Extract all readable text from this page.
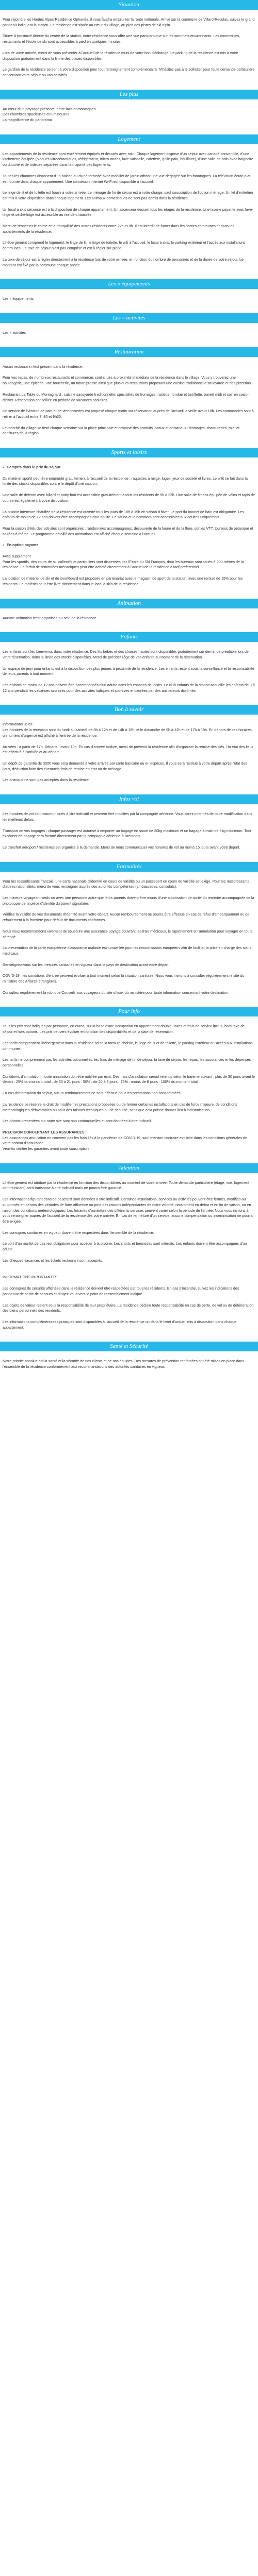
Situation

Pour rejoindre les Hautes Alpes Residence Ophanéa, il vous faudra emprunter la route nationale. Arrivé sur la commune de Villard-Reculas, suivez le grand panneau indiquant la station. La résidence est située au cœur du village, au pied des pistes de ski alpin.

Située à proximité directe du centre de la station, notre résidence vous offre une vue panoramique sur les sommets environnants. Les commerces, restaurants et l'école de ski sont accessibles à pied en quelques minutes.

Lors de votre arrivée, merci de vous présenter à l'accueil de la résidence muni de votre bon d'échange. Le parking de la résidence est mis à votre disposition gratuitement dans la limite des places disponibles.

Le gardien de la résidence se tient à votre disposition pour tout renseignement complémentaire. N'hésitez pas à le solliciter pour toute demande particulière concernant votre séjour ou vos activités.

Les plus

Au cœur d'un paysage préservé, entre lacs et montagnes

Des chambres spacieuses et lumineuses

La magnificence du panorama

Logement

Les appartements de la résidence sont entièrement équipés et décorés avec soin. Chaque logement dispose d'un séjour avec canapé convertible, d'une kitchenette équipée (plaques vitrocéramiques, réfrigérateur, micro-ondes, lave-vaisselle, cafetière, grille-pain, bouilloire), d'une salle de bain avec baignoire ou douche et de toilettes séparées dans la majorité des logements.

Toutes les chambres disposent d'un balcon ou d'une terrasse avec mobilier de jardin offrant une vue dégagée sur les montagnes. La télévision écran plat est fournie dans chaque appartement. Une connexion internet Wi-Fi est disponible à l'accueil.

Le linge de lit et de toilette est fourni à votre arrivée. Le ménage de fin de séjour est à votre charge, sauf souscription de l'option ménage. Un kit d'entretien est mis à votre disposition dans chaque logement. Les animaux domestiques ne sont pas admis dans la résidence.

Un local à skis sécurisé est à la disposition de chaque appartement. Un ascenseur dessert tous les étages de la résidence. Une laverie payante avec lave-linge et sèche-linge est accessible au rez-de-chaussée.

Merci de respecter le calme et la tranquillité des autres résidents entre 22h et 8h. Il est interdit de fumer dans les parties communes et dans les appartements de la résidence.

L'hébergement comprend le logement, le linge de lit, le linge de toilette, le wifi à l'accueil, le local à skis, le parking extérieur et l'accès aux installations communes. La taxe de séjour n'est pas comprise et est à régler sur place.

La taxe de séjour est à régler directement à la résidence lors de votre arrivée, en fonction du nombre de personnes et de la durée de votre séjour. Le montant est fixé par la commune chaque année.

Les « équipements

Les « équipements

Les « activités

Les « activités

Restauration

Aucun restaurant n'est présent dans la résidence.

Pour vos repas, de nombreux restaurants et commerces sont situés à proximité immédiate de la résidence dans le village. Vous y trouverez une boulangerie, une épicerie, une boucherie, un tabac-presse ainsi que plusieurs restaurants proposant une cuisine traditionnelle savoyarde et des pizzerias.

Restaurant La Table du Montagnard : cuisine savoyarde traditionnelle, spécialités de fromages, raclette, fondue et tartiflette, ouvert midi et soir en saison d'hiver. Réservation conseillée en période de vacances scolaires.

Un service de livraison de pain et de viennoiseries est proposé chaque matin sur réservation auprès de l'accueil la veille avant 18h. Les commandes sont à retirer à l'accueil entre 7h30 et 9h30.

Le marché du village se tient chaque semaine sur la place principale et propose des produits locaux et artisanaux : fromages, charcuteries, miel et confitures de la région.

Sports et loisirs

▪ Compris dans le prix du séjour

Du matériel sportif peut être emprunté gratuitement à l'accueil de la résidence : raquettes à neige, luges, jeux de société et livres. Le prêt se fait dans la limite des stocks disponibles contre le dépôt d'une caution.

Une salle de détente avec billard et baby-foot est accessible gratuitement à tous les résidents de 9h à 22h. Une salle de fitness équipée de vélos et tapis de course est également à votre disposition.

La piscine intérieure chauffée de la résidence est ouverte tous les jours de 10h à 19h en saison d'hiver. Le port du bonnet de bain est obligatoire. Les enfants de moins de 12 ans doivent être accompagnés d'un adulte. Le sauna et le hammam sont accessibles aux adultes uniquement.

Pour la saison d'été, des activités sont organisées : randonnées accompagnées, découverte de la faune et de la flore, sorties VTT, tournois de pétanque et soirées à thème. Le programme détaillé des animations est affiché chaque semaine à l'accueil.

▪ En option payante

Avec supplément

Pour les sportifs, des cours de ski collectifs et particuliers sont dispensés par l'École du Ski Français, dont les bureaux sont situés à 200 mètres de la résidence. Le forfait de remontées mécaniques peut être acheté directement à l'accueil de la résidence à tarif préférentiel.

La location de matériel de ski et de snowboard est proposée en partenariat avec le magasin de sport de la station, avec une remise de 15% pour les résidents. Le matériel peut être livré directement dans le local à skis de la résidence.

Animation

Aucune animation n'est organisée au sein de la résidence.

Enfants

Les enfants sont les bienvenus dans notre résidence. Des lits bébés et des chaises hautes sont disponibles gratuitement sur demande préalable lors de votre réservation, dans la limite des stocks disponibles. Merci de préciser l'âge de vos enfants au moment de la réservation.

Un espace de jeux pour enfants est à la disposition des plus jeunes à proximité de la résidence. Les enfants restent sous la surveillance et la responsabilité de leurs parents à tout moment.

Les enfants de moins de 12 ans doivent être accompagnés d'un adulte dans les espaces de loisirs. Le club enfants de la station accueille les enfants de 3 à 12 ans pendant les vacances scolaires pour des activités ludiques et sportives encadrées par des animateurs diplômés.

Bon à savoir

Informations utiles :

Les horaires de la réception sont du lundi au samedi de 8h à 12h et de 14h à 19h, et le dimanche de 9h à 12h et de 17h à 19h. En dehors de ces horaires, un numéro d'urgence est affiché à l'entrée de la résidence.

Arrivées : à partir de 17h. Départs : avant 10h. En cas d'arrivée tardive, merci de prévenir la résidence afin d'organiser la remise des clés. Un état des lieux est effectué à l'arrivée et au départ.

Un dépôt de garantie de 300€ vous sera demandé à votre arrivée par carte bancaire ou en espèces. Il vous sera restitué à votre départ après l'état des lieux, déduction faite des éventuels frais de remise en état ou de ménage.

Les animaux ne sont pas acceptés dans la résidence.

Infos vol

Les horaires de vol sont communiqués à titre indicatif et peuvent être modifiés par la compagnie aérienne. Vous serez informés de toute modification dans les meilleurs délais.

Transport de vos bagages : chaque passager est autorisé à emporter un bagage en soute de 20kg maximum et un bagage à main de 5kg maximum. Tout excédent de bagage sera facturé directement par la compagnie aérienne à l'aéroport.

Le transfert aéroport / résidence est organisé à la demande. Merci de nous communiquer vos horaires de vol au moins 15 jours avant votre départ.

Formalités

Pour les ressortissants français, une carte nationale d'identité en cours de validité ou un passeport en cours de validité est exigé. Pour les ressortissants d'autres nationalités, merci de vous renseigner auprès des autorités compétentes (ambassades, consulats).

Les mineurs voyageant seuls ou avec une personne autre que leurs parents doivent être munis d'une autorisation de sortie du territoire accompagnée de la photocopie de la pièce d'identité du parent signataire.

Vérifiez la validité de vos documents d'identité avant votre départ. Aucun remboursement ne pourra être effectué en cas de refus d'embarquement ou de refoulement à la frontière pour défaut de documents conformes.

Nous vous recommandons vivement de souscrire une assurance voyage couvrant les frais médicaux, le rapatriement et l'annulation pour voyager en toute sérénité.

La présentation de la carte européenne d'assurance maladie est conseillée pour les ressortissants européens afin de faciliter la prise en charge des soins médicaux.

Renseignez-vous sur les mesures sanitaires en vigueur dans le pays de destination avant votre départ.

COVID-19 : les conditions d'entrée peuvent évoluer à tout moment selon la situation sanitaire. Nous vous invitons à consulter régulièrement le site du ministère des Affaires étrangères.

Consultez régulièrement la rubrique Conseils aux voyageurs du site officiel du ministère pour toute information concernant votre destination.

Pour info

Tous les prix sont indiqués par personne, en euros, sur la base d'une occupation en appartement double, taxes et frais de service inclus, hors taxe de séjour et hors options. Les prix peuvent évoluer en fonction des disponibilités et de la date de réservation.

Les tarifs comprennent l'hébergement dans la résidence selon la formule choisie, le linge de lit et de toilette, le parking extérieur et l'accès aux installations communes.

Les tarifs ne comprennent pas les activités optionnelles, les frais de ménage de fin de séjour, la taxe de séjour, les repas, les assurances et les dépenses personnelles.

Conditions d'annulation : toute annulation doit être notifiée par écrit. Des frais d'annulation seront retenus selon le barème suivant : plus de 30 jours avant le départ : 25% du montant total ; de 30 à 21 jours : 50% ; de 20 à 8 jours : 75% ; moins de 8 jours : 100% du montant total.

En cas d'interruption du séjour, aucun remboursement ne sera effectué pour les prestations non consommées.

La résidence se réserve le droit de modifier les prestations proposées ou de fermer certaines installations en cas de force majeure, de conditions météorologiques défavorables ou pour des raisons techniques ou de sécurité, sans que cela puisse donner lieu à indemnisation.

Les photos présentées sur notre site sont non contractuelles et sont données à titre indicatif.

PRÉCISION CONCERNANT LES ASSURANCES :

Les assurances annulation ne couvrent pas les frais liés à la pandémie de COVID-19, sauf mention contraire explicite dans les conditions générales de votre contrat d'assurance.

Veuillez vérifier les garanties avant toute souscription.

Attention

L'hébergement est attribué par la résidence en fonction des disponibilités au moment de votre arrivée. Toute demande particulière (étage, vue, logement communicant) sera transmise à titre indicatif mais ne pourra être garantie.

Les informations figurant dans ce descriptif sont données à titre indicatif. Certaines installations, services ou activités peuvent être fermés, modifiés ou supprimés en dehors des périodes de forte affluence ou pour des raisons indépendantes de notre volonté, notamment en début et en fin de saison, ou en raison des conditions météorologiques. Les horaires d'ouverture des différents services peuvent varier selon la période de l'année. Nous vous invitons à vous renseigner auprès de l'accueil de la résidence dès votre arrivée. En cas de fermeture d'un service, aucune compensation ou indemnisation ne pourra être exigée.

Les consignes sanitaires en vigueur doivent être respectées dans l'ensemble de la résidence.

Le port d'un maillot de bain est obligatoire pour accéder à la piscine. Les shorts et bermudas sont interdits. Les enfants doivent être accompagnés d'un adulte.

Les chèques vacances et les tickets restaurant sont acceptés.

INFORMATIONS IMPORTANTES :

Les consignes de sécurité affichées dans la résidence doivent être respectées par tous les résidents. En cas d'incendie, suivez les indications des panneaux de sortie de secours et dirigez-vous vers le point de rassemblement indiqué.

Les objets de valeur restent sous la responsabilité de leur propriétaire. La résidence décline toute responsabilité en cas de perte, de vol ou de détérioration des biens personnels des résidents.

Les informations complémentaires pratiques sont disponibles à l'accueil de la résidence ou dans le livret d'accueil mis à disposition dans chaque appartement.

Santé et Sécurité

Notre priorité absolue est la santé et la sécurité de nos clients et de nos équipes. Des mesures de prévention renforcées ont été mises en place dans l'ensemble de la résidence conformément aux recommandations des autorités sanitaires en vigueur.
